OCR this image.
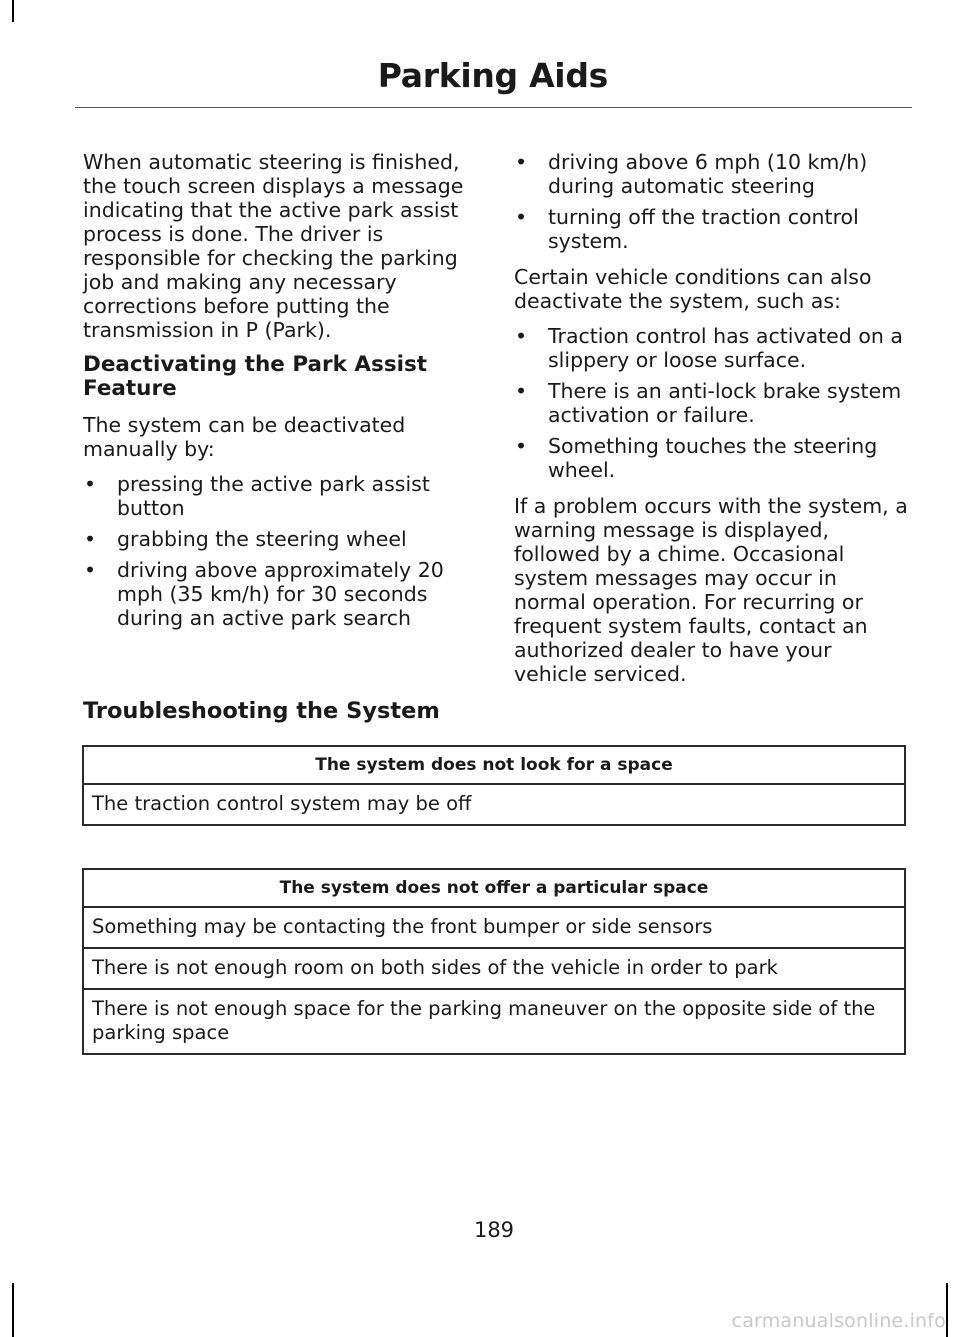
Parking Aids

When automatic steering is finished, the touch screen displays a message indicating that the active park assist process is done. The driver is responsible for checking the parking job and making any necessary corrections before putting the transmission in P (Park).

Deactivating the Park Assist Feature

The system can be deactivated manually by:

• pressing the active park assist button
• grabbing the steering wheel
• driving above approximately 20 mph (35 km/h) for 30 seconds during an active park search
• driving above 6 mph (10 km/h) during automatic steering
• turning off the traction control system.

Certain vehicle conditions can also deactivate the system, such as:

• Traction control has activated on a slippery or loose surface.
• There is an anti-lock brake system activation or failure.
• Something touches the steering wheel.

If a problem occurs with the system, a warning message is displayed, followed by a chime. Occasional system messages may occur in normal operation. For recurring or frequent system faults, contact an authorized dealer to have your vehicle serviced.

Troubleshooting the System
The system does not look for a space
The traction control system may be off
The system does not offer a particular space
Something may be contacting the front bumper or side sensors
There is not enough room on both sides of the vehicle in order to park
There is not enough space for the parking maneuver on the opposite side of the parking space
189
carmanualsonline.info
